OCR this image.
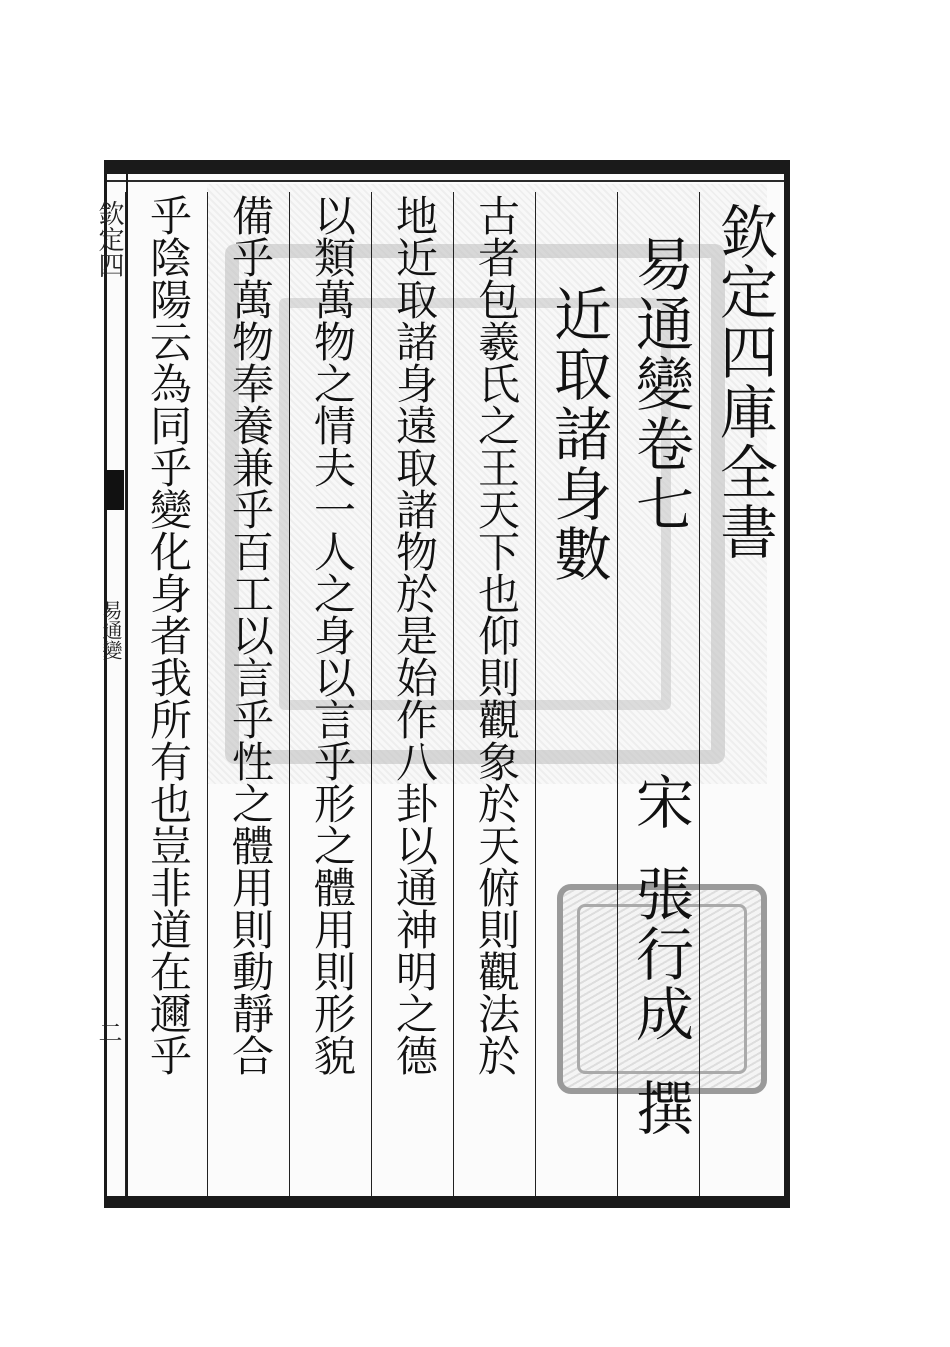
欽定四庫全書
易通變卷七
宋
張行成
撰
近取諸身數
古者包羲氏之王天下也仰則觀象於天俯則觀法於
地近取諸身遠取諸物於是始作八卦以通神明之德
以類萬物之情夫一人之身以言乎形之體用則形貌
備乎萬物奉養兼乎百工以言乎性之體用則動靜合
乎陰陽云為同乎變化身者我所有也豈非道在邇乎
欽定四
易通變
二
